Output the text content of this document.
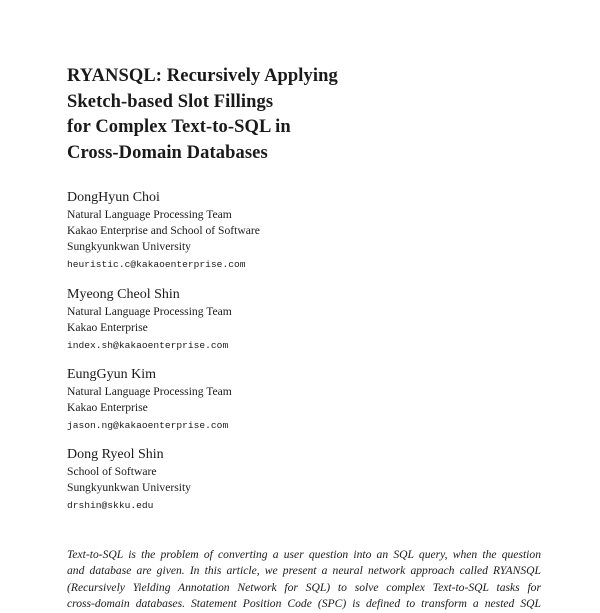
RYANSQL: Recursively Applying
Sketch-based Slot Fillings
for Complex Text-to-SQL in
Cross-Domain Databases
DongHyun Choi
Natural Language Processing Team
Kakao Enterprise and School of Software
Sungkyunkwan University
heuristic.c@kakaoenterprise.com
Myeong Cheol Shin
Natural Language Processing Team
Kakao Enterprise
index.sh@kakaoenterprise.com
EungGyun Kim
Natural Language Processing Team
Kakao Enterprise
jason.ng@kakaoenterprise.com
Dong Ryeol Shin
School of Software
Sungkyunkwan University
drshin@skku.edu
Text-to-SQL is the problem of converting a user question into an SQL query, when the question
and database are given. In this article, we present a neural network approach called RYANSQL
(Recursively Yielding Annotation Network for SQL) to solve complex Text-to-SQL tasks for
cross-domain databases. Statement Position Code (SPC) is defined to transform a nested SQL
